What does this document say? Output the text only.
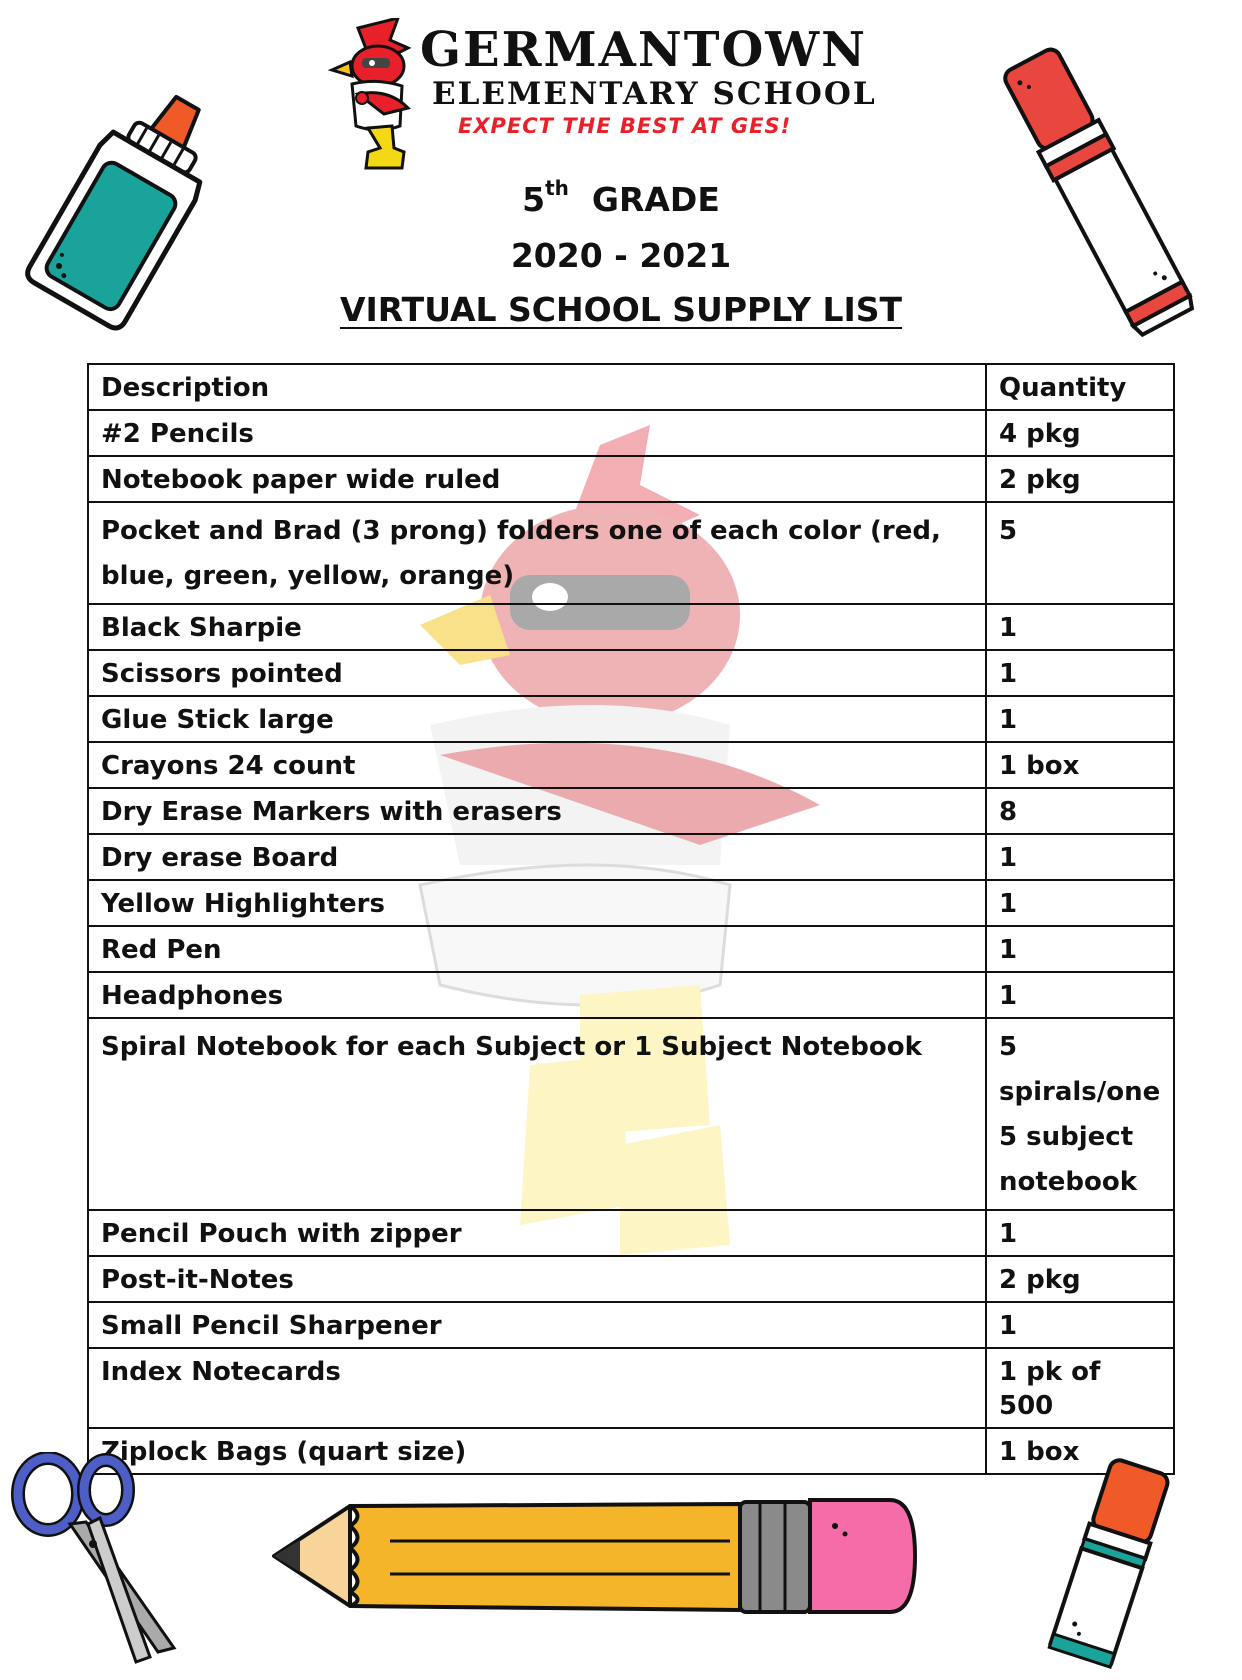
GERMANTOWN
ELEMENTARY SCHOOL
EXPECT THE BEST AT GES!
5th GRADE
2020 - 2021
VIRTUAL SCHOOL SUPPLY LIST
Description	Quantity
#2 Pencils	4 pkg
Notebook paper wide ruled	2 pkg
Pocket and Brad (3 prong) folders one of each color (red, blue, green, yellow, orange)	5
Black Sharpie	1
Scissors pointed	1
Glue Stick large	1
Crayons 24 count	1 box
Dry Erase Markers with erasers	8
Dry erase Board	1
Yellow Highlighters	1
Red Pen	1
Headphones	1
Spiral Notebook for each Subject or 1 Subject Notebook	5 spirals/one 5 subject notebook
Pencil Pouch with zipper	1
Post-it-Notes	2 pkg
Small Pencil Sharpener	1
Index Notecards	1 pk of 500
Ziplock Bags (quart size)	1 box
